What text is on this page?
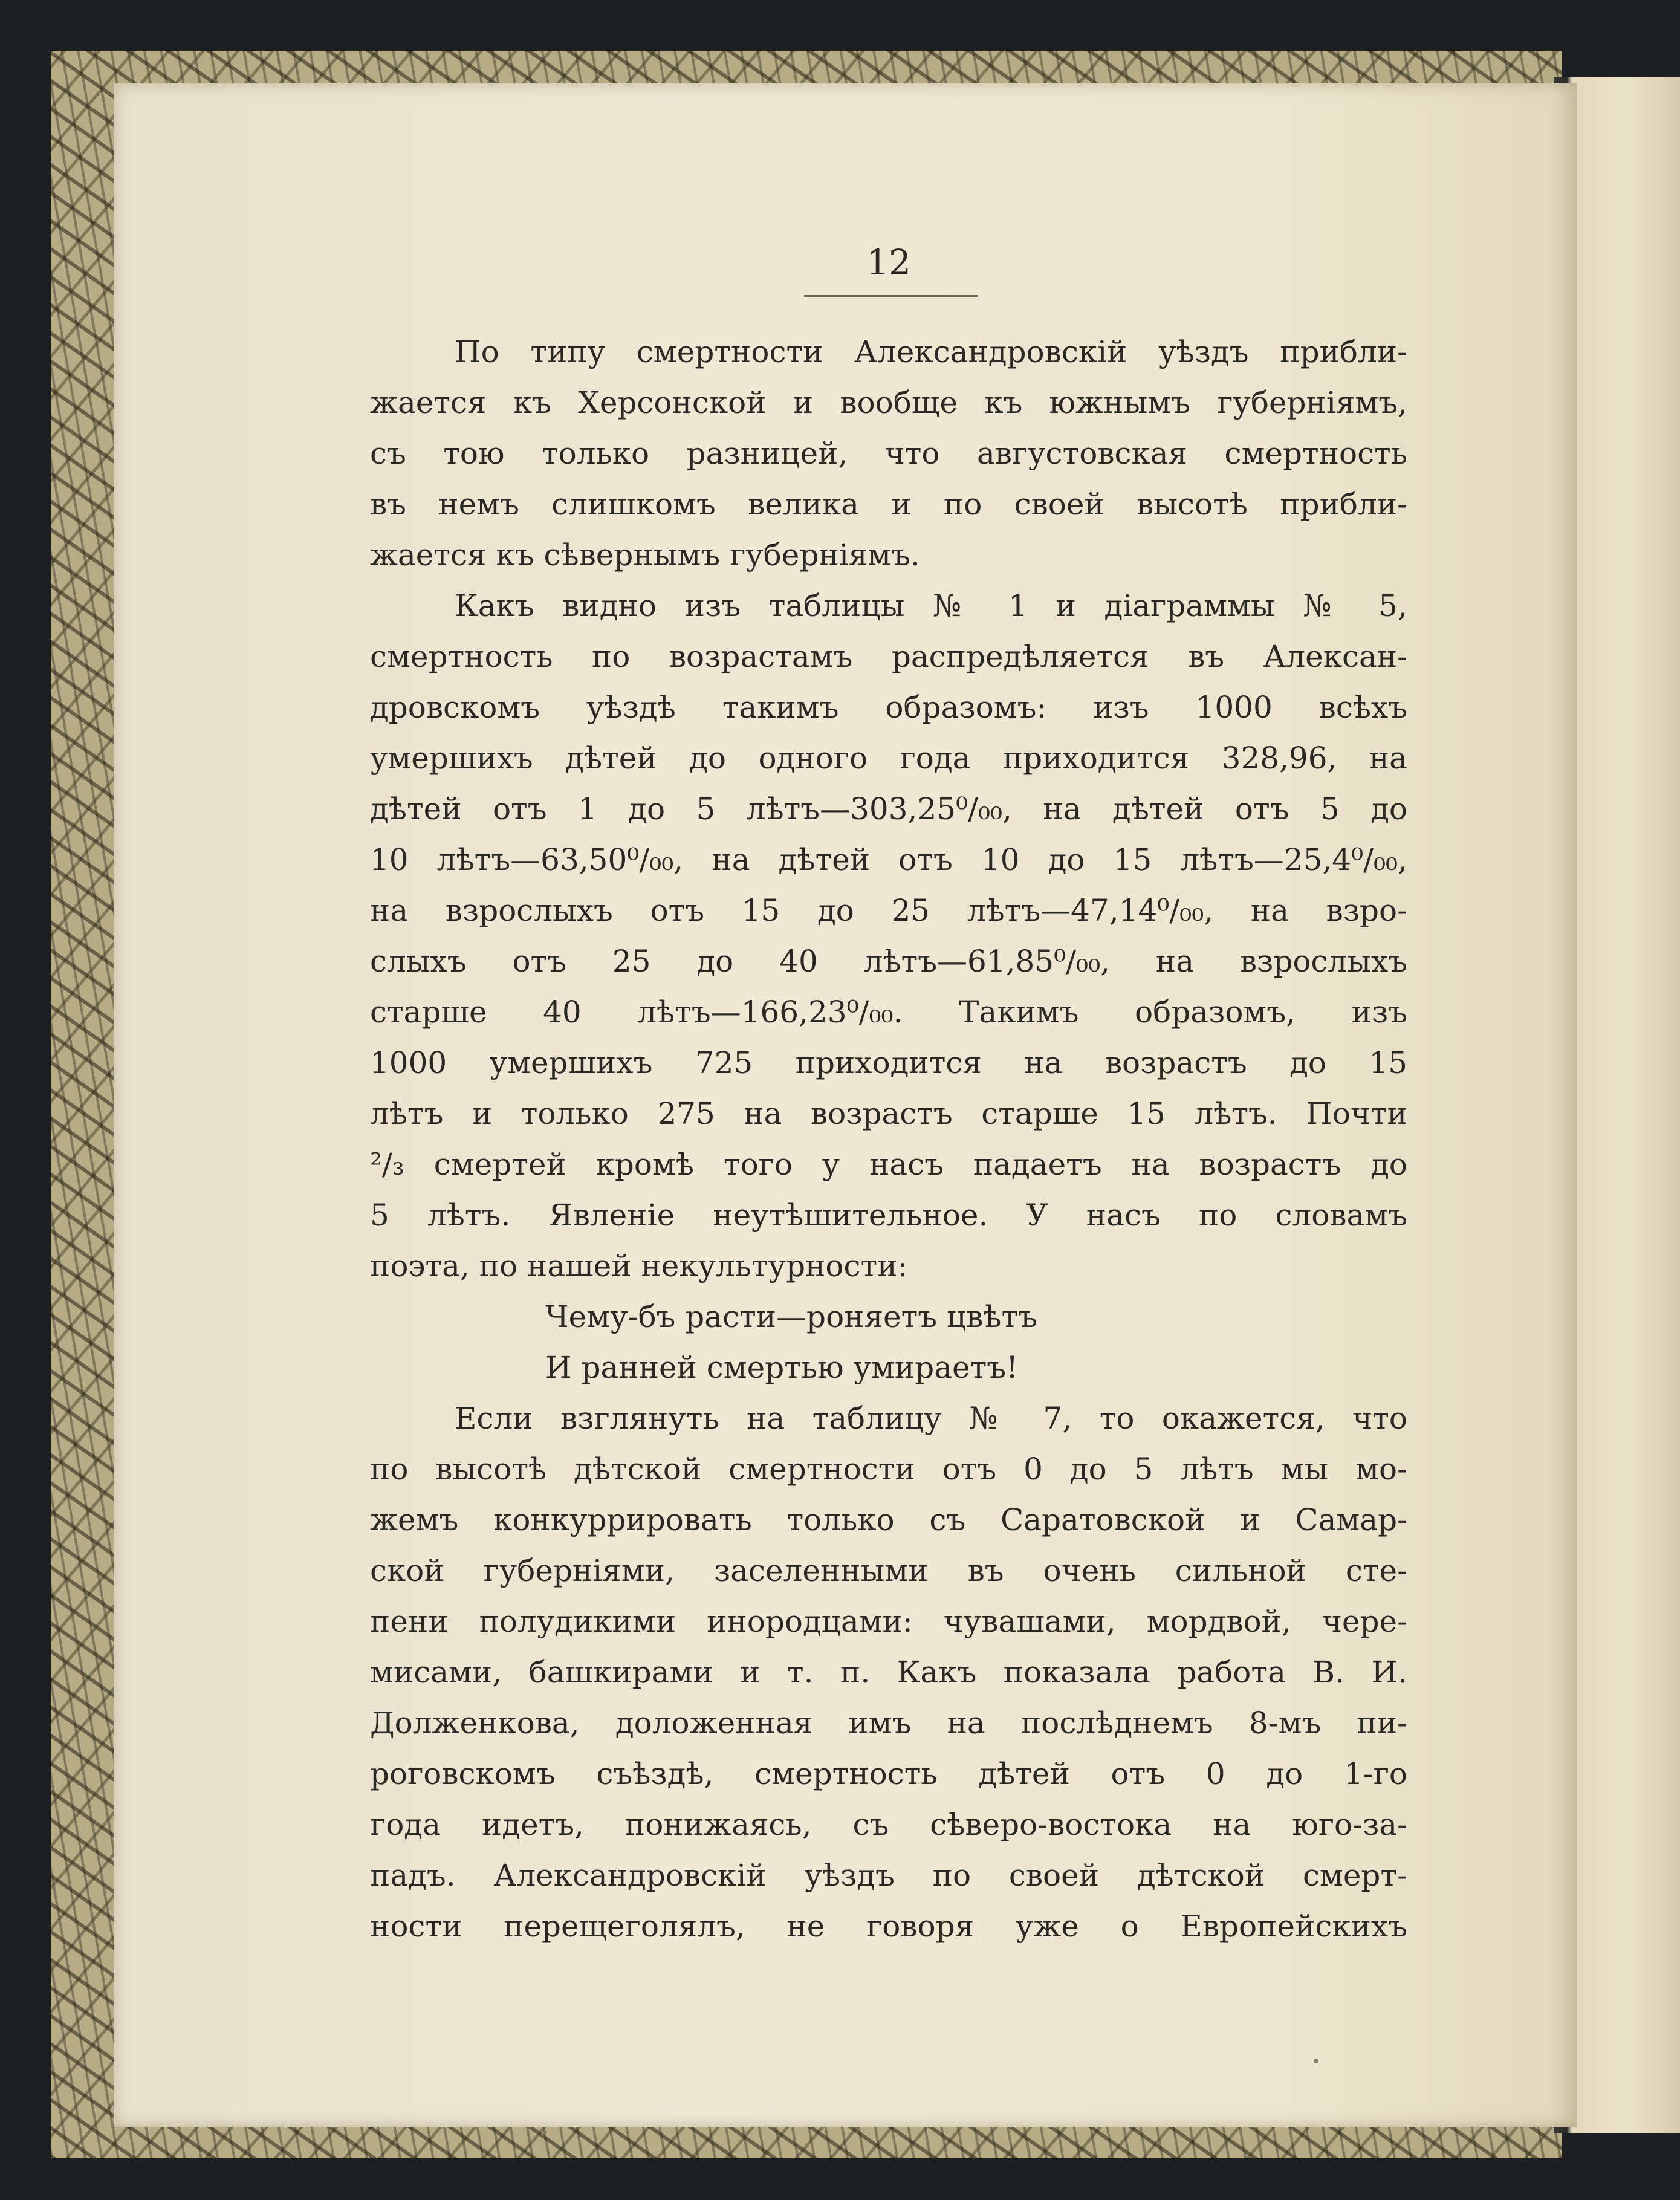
12
По типу смертности Александровскій уѣздъ прибли-
жается къ Херсонской и вообще къ южнымъ губерніямъ,
съ тою только разницей, что августовская смертность
въ немъ слишкомъ велика и по своей высотѣ прибли-
жается къ сѣвернымъ губерніямъ.
Какъ видно изъ таблицы № 1 и діаграммы № 5,
смертность по возрастамъ распредѣляется въ Алексан-
дровскомъ уѣздѣ такимъ образомъ: изъ 1000 всѣхъ
умершихъ дѣтей до одного года приходится 328,96, на
дѣтей отъ 1 до 5 лѣтъ—303,25⁰/₀₀, на дѣтей отъ 5 до
10 лѣтъ—63,50⁰/₀₀, на дѣтей отъ 10 до 15 лѣтъ—25,4⁰/₀₀,
на взрослыхъ отъ 15 до 25 лѣтъ—47,14⁰/₀₀, на взро-
слыхъ отъ 25 до 40 лѣтъ—61,85⁰/₀₀, на взрослыхъ
старше 40 лѣтъ—166,23⁰/₀₀. Такимъ образомъ, изъ
1000 умершихъ 725 приходится на возрастъ до 15
лѣтъ и только 275 на возрастъ старше 15 лѣтъ. Почти
²/₃ смертей кромѣ того у насъ падаетъ на возрастъ до
5 лѣтъ. Явленіе неутѣшительное. У насъ по словамъ
поэта, по нашей некультурности:
Чему-бъ расти—роняетъ цвѣтъ
И ранней смертью умираетъ!
Если взглянуть на таблицу № 7, то окажется, что
по высотѣ дѣтской смертности отъ 0 до 5 лѣтъ мы мо-
жемъ конкуррировать только съ Саратовской и Самар-
ской губерніями, заселенными въ очень сильной сте-
пени полудикими инородцами: чувашами, мордвой, чере-
мисами, башкирами и т. п. Какъ показала работа В. И.
Долженкова, доложенная имъ на послѣднемъ 8-мъ пи-
роговскомъ съѣздѣ, смертность дѣтей отъ 0 до 1-го
года идетъ, понижаясь, съ сѣверо-востока на юго-за-
падъ. Александровскій уѣздъ по своей дѣтской смерт-
ности перещеголялъ, не говоря уже о Европейскихъ
